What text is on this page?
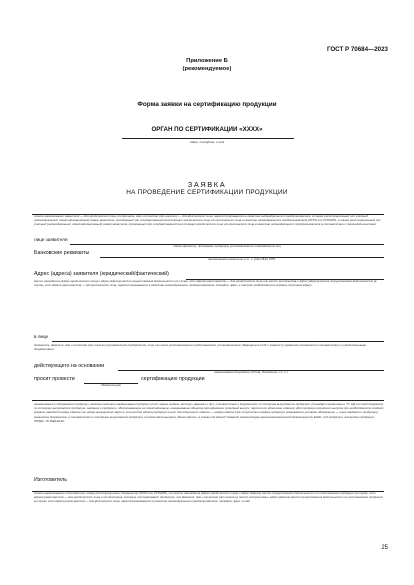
ГОСТ Р 70684—2023
Приложение Б
(рекомендуемое)
Форма заявки на сертификацию продукции
ОРГАН ПО СЕРТИФИКАЦИИ «ХХХХ»
Адрес, телефоны, e-mail
ЗАЯВКА
НА ПРОВЕДЕНИЕ СЕРТИФИКАЦИИ ПРОДУКЦИИ
полное наименование заявителя — для юридического лица или филиала, имя и отчество (при наличии) — для физического лица, зарегистрированного в качестве индивидуального предпринимателя, а также регистрационный или учетный (индивидуальный, идентификационный) номер заявителя, присвоенный при государственной регистрации юридического лица или физического лица в качестве индивидуального предпринимателя (ОГРН или ОГРНИП), а также регистрационный или учетный (индивидуальный, идентификационный) номер заявителя, присвоенный при государственной регистрации юридического лица или физического лица в качестве индивидуального предпринимателя в соответствии с законодательством
лице заявителя
идентификатор, программа, продукция, уполномоченного подразделения лиц
Банковские реквизиты
наименование реквизиты и т. ч. коды ИНН, КПП,
Адрес (адреса) заявителя (юридический/фактический)
место нахождения (адрес юридического лица) и адрес (адреса) места осуществления деятельности (в случае, если адреса различаются) — для юридического лица или место жительства и адрес (адреса) места осуществления деятельности (в случае, если адреса различаются) — для физического лица, зарегистрированного в качестве индивидуального предпринимателя, телефон, факс, e-mail (при необходимости указать почтовый адрес)
в лице
должность, фамилия, имя и отчество (при наличии) руководителя предприятия, лица или иного уполномоченного представителя, уполномоченного обращаться в ОС с заявкой (с указанием полномочий в соответствии с учредительными документами)
действующего на основании
наименование документа (Устав, Положение и т. п.)
просит провести	сертификацию продукции
обязательную
наименование и обозначение продукции, включая торговое наименование продукции (тип, марка, модель, артикул, вариант и др.), соответствие с документом, по которому выпускается продукция, (стандарт организации, ТУ, КД или иной документ), по которому выпускается продукция, сведения о продукции, обеспечивающие ее идентификацию, наименование объекта сертификации (серийный выпуск, партия или единичное изделие). Для продукции серийного выпуска при необходимости следует указать заводской номер изделия или номер выпущенной партии, количество единиц продукции в ней, для единичного изделия — номер изделия (при отсутствии номера продукции указывается условное обозначение — иные сведения о продукции), реквизиты документов, в соответствии с которыми выпускается продукция, а также дата выпуска, объем партии, а также код единой Товарной номенклатуры внешнеэкономической деятельности ЕАЭС, код продукции, код выдачи продукции ОКПД2, ТН ВЭД ЕАЭС
Изготовитель
полное наименование изготовителя, номер регистрационных документов (ОГРН или ОГРНИП), или место нахождения (адрес юридического лица) и адрес (адреса) места осуществления деятельности по изготовлению продукции (в случае, если адреса различаются) — для юридического лица и его филиалов, которые изготавливают продукцию, или фамилия, имя и отчество (при наличии), место жительства и адрес (адреса) места осуществления деятельности по изготовлению продукции (в случае, если адреса различаются) — для физического лица, зарегистрированного в качестве индивидуального предпринимателя, телефон, факс, e-mail
25
